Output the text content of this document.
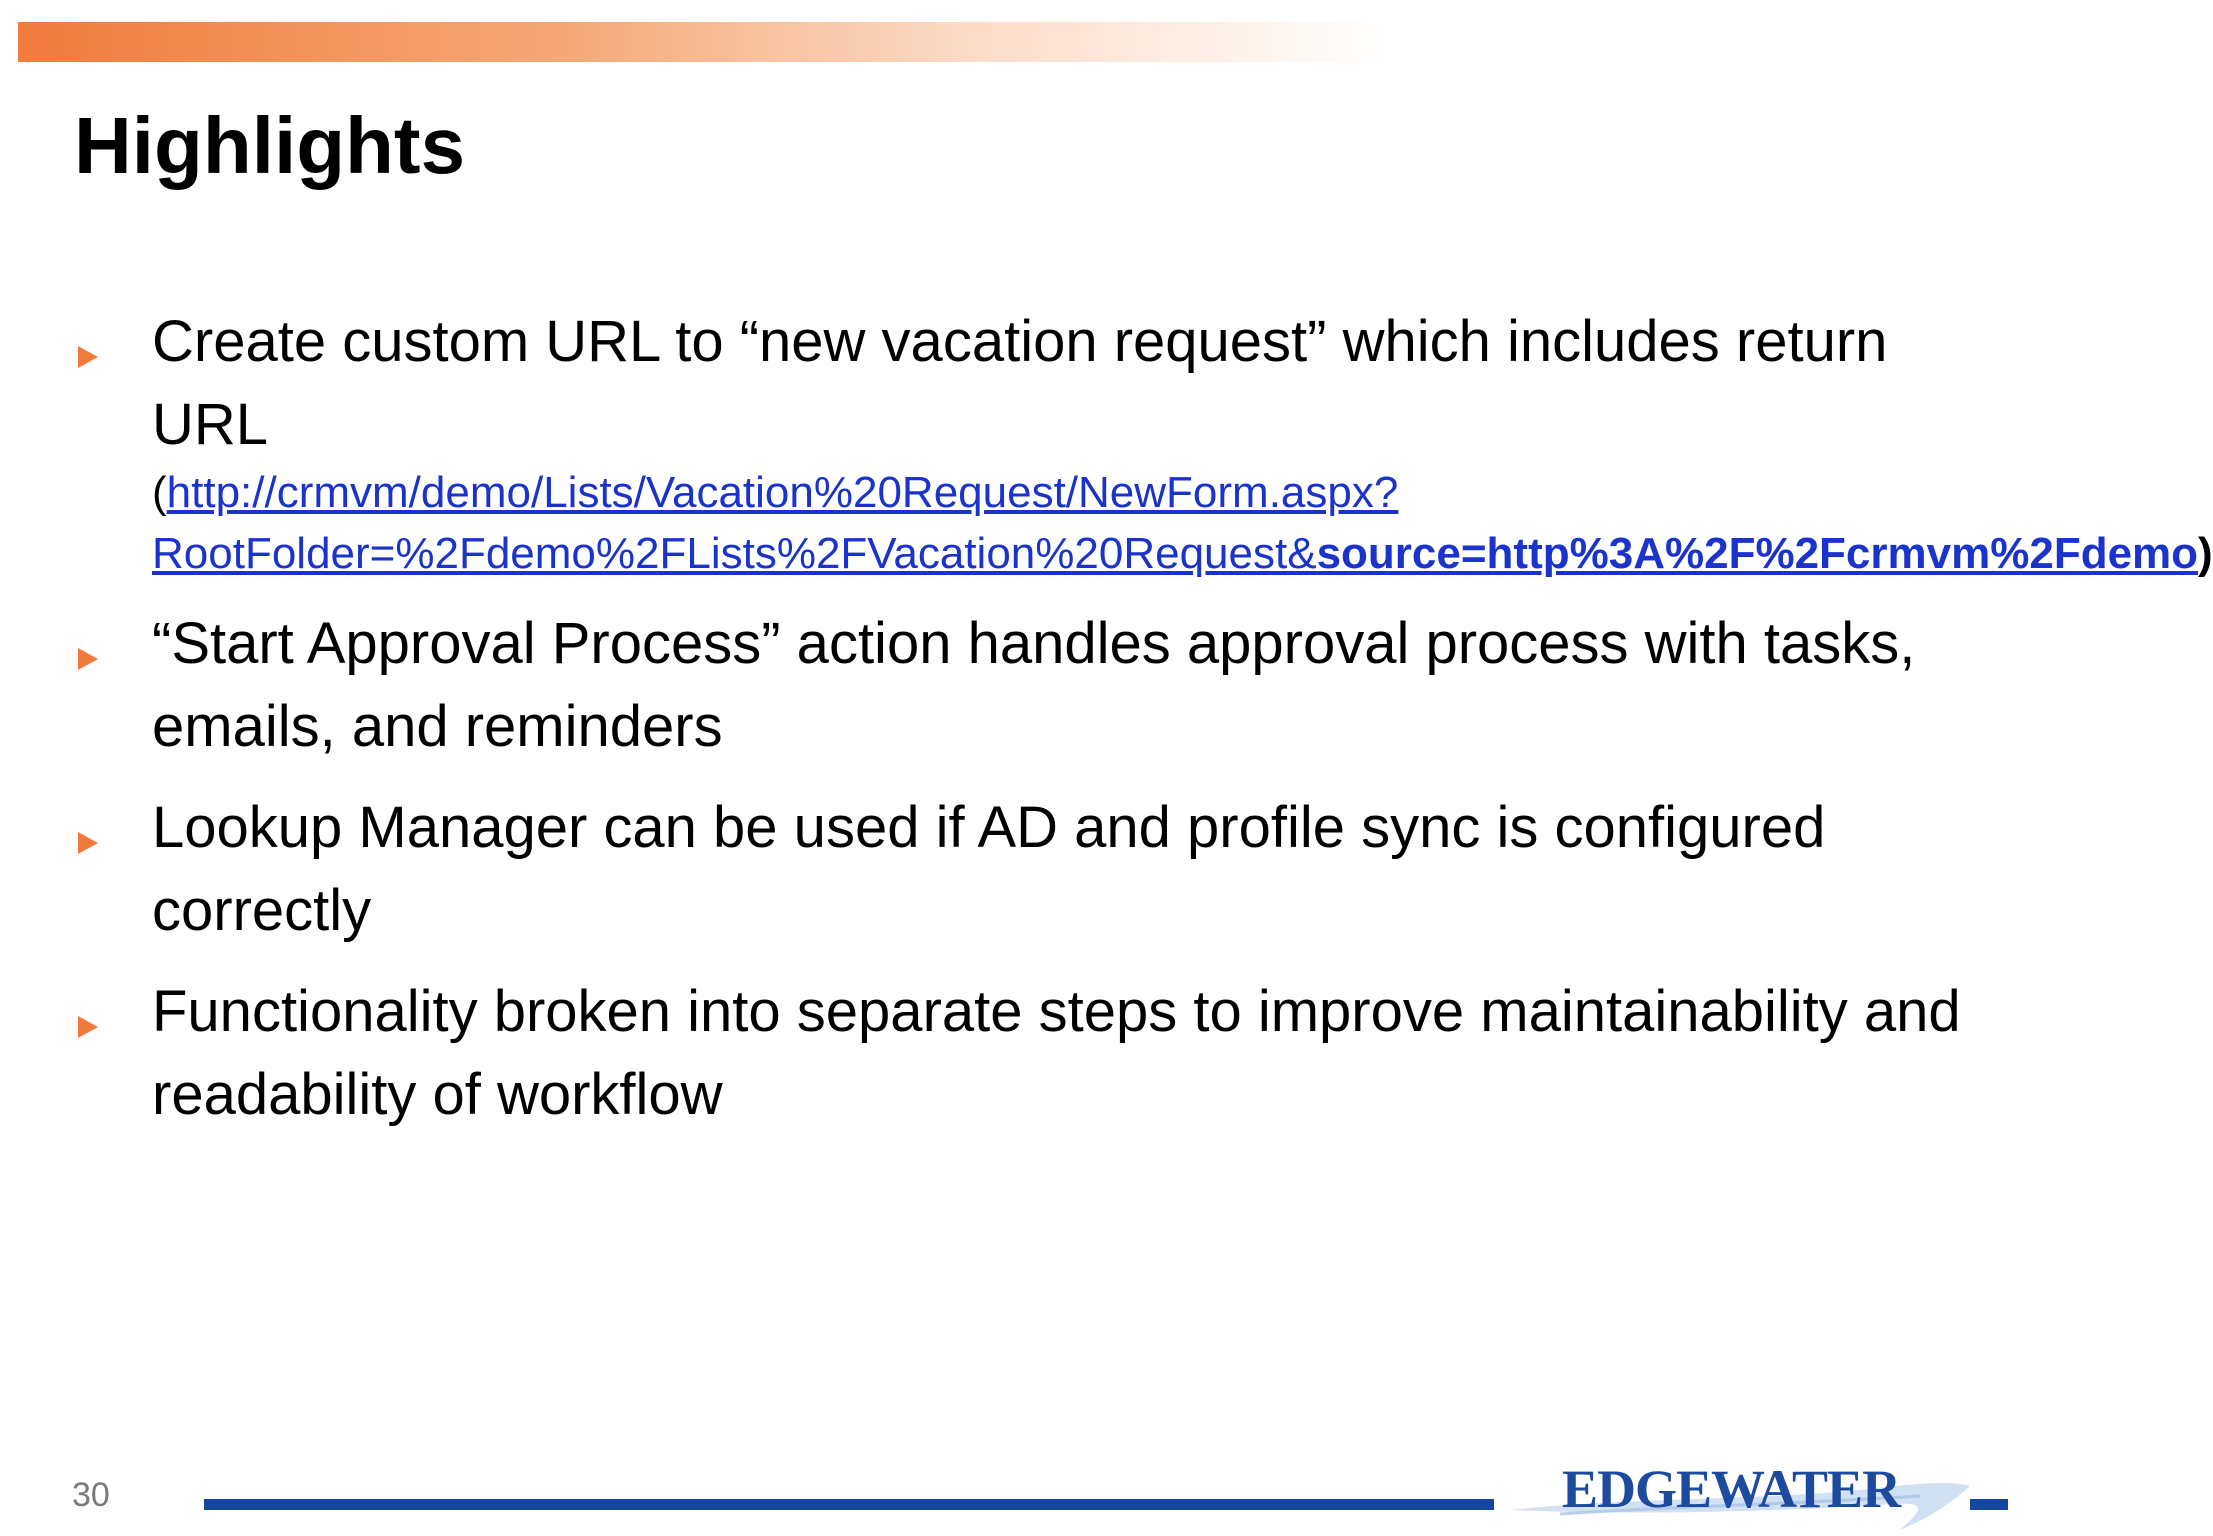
Highlights
Create custom URL to “new vacation request” which includes return URL
(http://crmvm/demo/Lists/Vacation%20Request/NewForm.aspx?RootFolder=%2Fdemo%2FLists%2FVacation%20Request&source=http%3A%2F%2Fcrmvm%2Fdemo)
“Start Approval Process” action handles approval process with tasks, emails, and reminders
Lookup Manager can be used if AD and profile sync is configured correctly
Functionality broken into separate steps to improve maintainability and readability of workflow
30	EDGEWATER
